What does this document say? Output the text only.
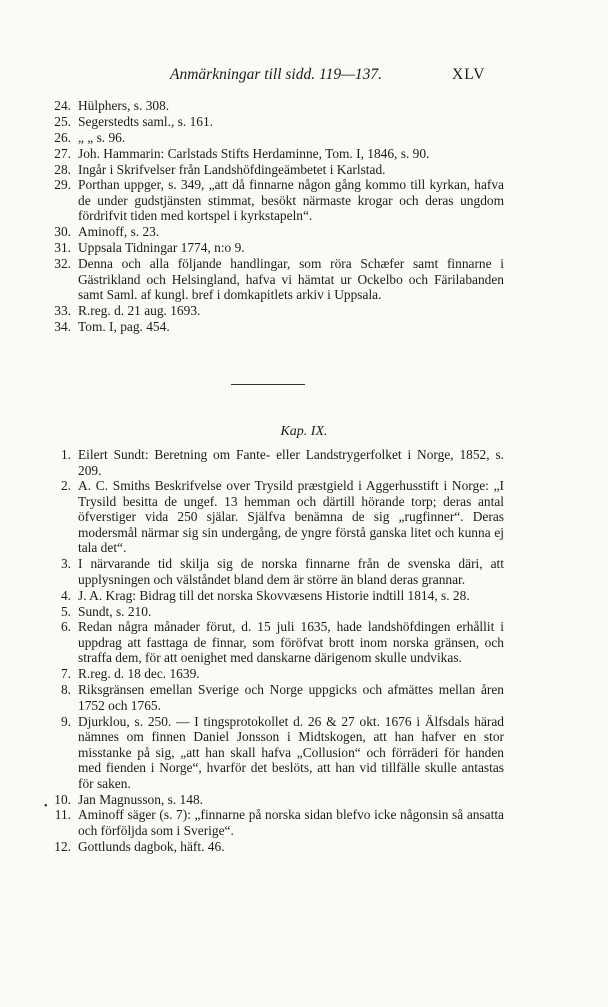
Anmärkningar till sidd. 119—137.	XLV
24. Hülphers, s. 308.
25. Segerstedts saml., s. 161.
26. „ „ s. 96.
27. Joh. Hammarin: Carlstads Stifts Herdaminne, Tom. I, 1846, s. 90.
28. Ingår i Skrifvelser från Landshöfdingeämbetet i Karlstad.
29. Porthan uppger, s. 349, „att då finnarne någon gång kommo till kyrkan, hafva de under gudstjänsten stimmat, besökt närmaste krogar och deras ungdom fördrifvit tiden med kortspel i kyrkstapeln“.
30. Aminoff, s. 23.
31. Uppsala Tidningar 1774, n:o 9.
32. Denna och alla följande handlingar, som röra Schæfer samt finnarne i Gästrikland och Helsingland, hafva vi hämtat ur Ockelbo och Färilabanden samt Saml. af kungl. bref i domkapitlets arkiv i Uppsala.
33. R.reg. d. 21 aug. 1693.
34. Tom. I, pag. 454.
Kap. IX.
1. Eilert Sundt: Beretning om Fante- eller Landstrygerfolket i Norge, 1852, s. 209.
2. A. C. Smiths Beskrifvelse over Trysild præstgield i Aggerhusstift i Norge: „I Trysild besitta de ungef. 13 hemman och därtill hörande torp; deras antal öfverstiger vida 250 själar. Själfva benämna de sig „rugfinner“. Deras modersmål närmar sig sin undergång, de yngre förstå ganska litet och kunna ej tala det“.
3. I närvarande tid skilja sig de norska finnarne från de svenska däri, att upplysningen och välståndet bland dem är större än bland deras grannar.
4. J. A. Krag: Bidrag till det norska Skovvæsens Historie indtill 1814, s. 28.
5. Sundt, s. 210.
6. Redan några månader förut, d. 15 juli 1635, hade landshöfdingen erhållit i uppdrag att fasttaga de finnar, som föröfvat brott inom norska gränsen, och straffa dem, för att oenighet med danskarne därigenom skulle undvikas.
7. R.reg. d. 18 dec. 1639.
8. Riksgränsen emellan Sverige och Norge uppgicks och afmättes mellan åren 1752 och 1765.
9. Djurklou, s. 250. — I tingsprotokollet d. 26 & 27 okt. 1676 i Älfsdals härad nämnes om finnen Daniel Jonsson i Midtskogen, att han hafver en stor misstanke på sig, „att han skall hafva „Collusion“ och förräderi för handen med fienden i Norge“, hvarför det beslöts, att han vid tillfälle skulle antastas för saken.
10. Jan Magnusson, s. 148.
11. Aminoff säger (s. 7): „finnarne på norska sidan blefvo icke någonsin så ansatta och förföljda som i Sverige“.
12. Gottlunds dagbok, häft. 46.
•
